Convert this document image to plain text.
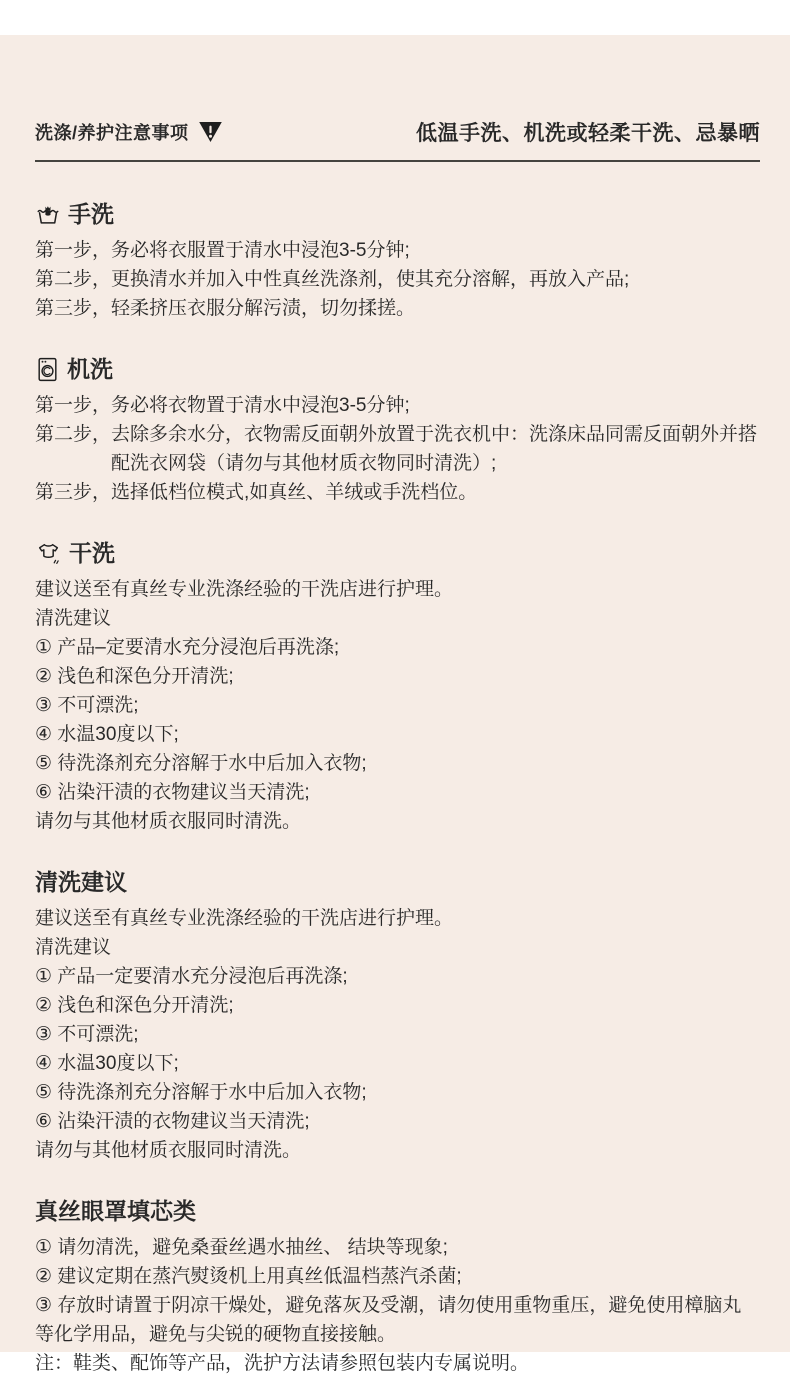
洗涤/养护注意事项	低温手洗、机洗或轻柔干洗、忌暴晒
手洗
第一步， 务必将衣服置于清水中浸泡3-5分钟;
第二步， 更换清水并加入中性真丝洗涤剂，使其充分溶解，再放入产品;
第三步， 轻柔挤压衣服分解污渍，切勿揉搓。
机洗
第一步， 务必将衣物置于清水中浸泡3-5分钟;
第二步， 去除多余水分，衣物需反面朝外放置于洗衣机中：洗涤床品同需反面朝外并搭配洗衣网袋（请勿与其他材质衣物同时清洗）;
第三步， 选择低档位模式,如真丝、羊绒或手洗档位。
干洗
建议送至有真丝专业洗涤经验的干洗店进行护理。
清洗建议
① 产品–定要清水充分浸泡后再洗涤;
② 浅色和深色分开清洗;
③ 不可漂洗;
④ 水温30度以下;
⑤ 待洗涤剂充分溶解于水中后加入衣物;
⑥ 沾染汗渍的衣物建议当天清洗;
请勿与其他材质衣服同时清洗。
清洗建议
建议送至有真丝专业洗涤经验的干洗店进行护理。
清洗建议
① 产品一定要清水充分浸泡后再洗涤;
② 浅色和深色分开清洗;
③ 不可漂洗;
④ 水温30度以下;
⑤ 待洗涤剂充分溶解于水中后加入衣物;
⑥ 沾染汗渍的衣物建议当天清洗;
请勿与其他材质衣服同时清洗。
真丝眼罩填芯类
① 请勿清洗，避免桑蚕丝遇水抽丝、 结块等现象;
② 建议定期在蒸汽熨烫机上用真丝低温档蒸汽杀菌;
③ 存放时请置于阴凉干燥处，避免落灰及受潮，请勿使用重物重压，避免使用樟脑丸等化学用品，避免与尖锐的硬物直接接触。
注：鞋类、配饰等产品，洗护方法请参照包装内专属说明。
